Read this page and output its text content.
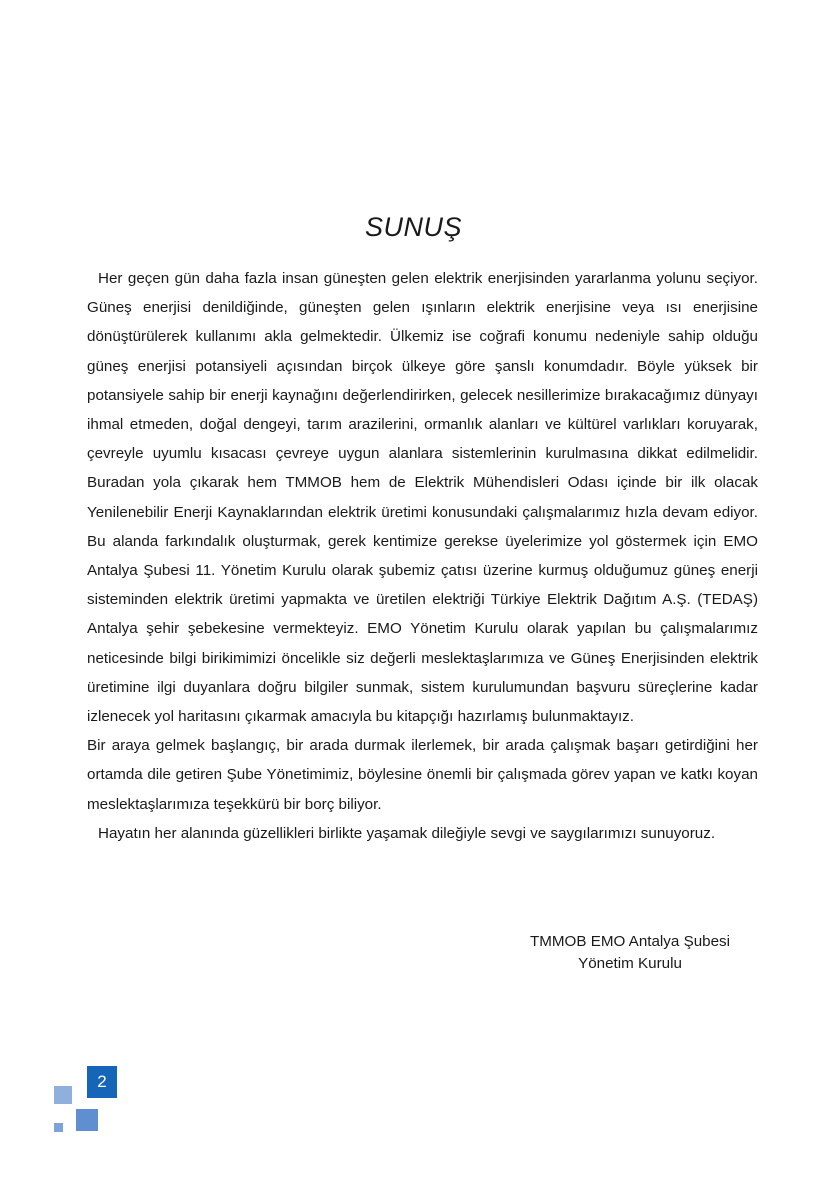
SUNUŞ

Her geçen gün daha fazla insan güneşten gelen elektrik enerjisinden yararlanma yolunu seçiyor. Güneş enerjisi denildiğinde, güneşten gelen ışınların elektrik enerjisine veya ısı enerjisine dönüştürülerek kullanımı akla gelmektedir. Ülkemiz ise coğrafi konumu nedeniyle sahip olduğu güneş enerjisi potansiyeli açısından birçok ülkeye göre şanslı konumdadır. Böyle yüksek bir potansiyele sahip bir enerji kaynağını değerlendirirken, gelecek nesillerimize bırakacağımız dünyayı ihmal etmeden, doğal dengeyi, tarım arazilerini, ormanlık alanları ve kültürel varlıkları koruyarak, çevreyle uyumlu kısacası çevreye uygun alanlara sistemlerinin kurulmasına dikkat edilmelidir. Buradan yola çıkarak hem TMMOB hem de Elektrik Mühendisleri Odası içinde bir ilk olacak Yenilenebilir Enerji Kaynaklarından elektrik üretimi konusundaki çalışmalarımız hızla devam ediyor. Bu alanda farkındalık oluşturmak, gerek kentimize gerekse üyelerimize yol göstermek için EMO Antalya Şubesi 11. Yönetim Kurulu olarak şubemiz çatısı üzerine kurmuş olduğumuz güneş enerji sisteminden elektrik üretimi yapmakta ve üretilen elektriği Türkiye Elektrik Dağıtım A.Ş. (TEDAŞ) Antalya şehir şebekesine vermekteyiz. EMO Yönetim Kurulu olarak yapılan bu çalışmalarımız neticesinde bilgi birikimimizi öncelikle siz değerli meslektaşlarımıza ve Güneş Enerjisinden elektrik üretimine ilgi duyanlara doğru bilgiler sunmak, sistem kurulumundan başvuru süreçlerine kadar izlenecek yol haritasını çıkarmak amacıyla bu kitapçığı hazırlamış bulunmaktayız.

Bir araya gelmek başlangıç, bir arada durmak ilerlemek, bir arada çalışmak başarı getirdiğini her ortamda dile getiren Şube Yönetimimiz, böylesine önemli bir çalışmada görev yapan ve katkı koyan meslektaşlarımıza teşekkürü bir borç biliyor.

Hayatın her alanında güzellikleri birlikte yaşamak dileğiyle sevgi ve saygılarımızı sunuyoruz.

TMMOB EMO Antalya Şubesi
Yönetim Kurulu
2
